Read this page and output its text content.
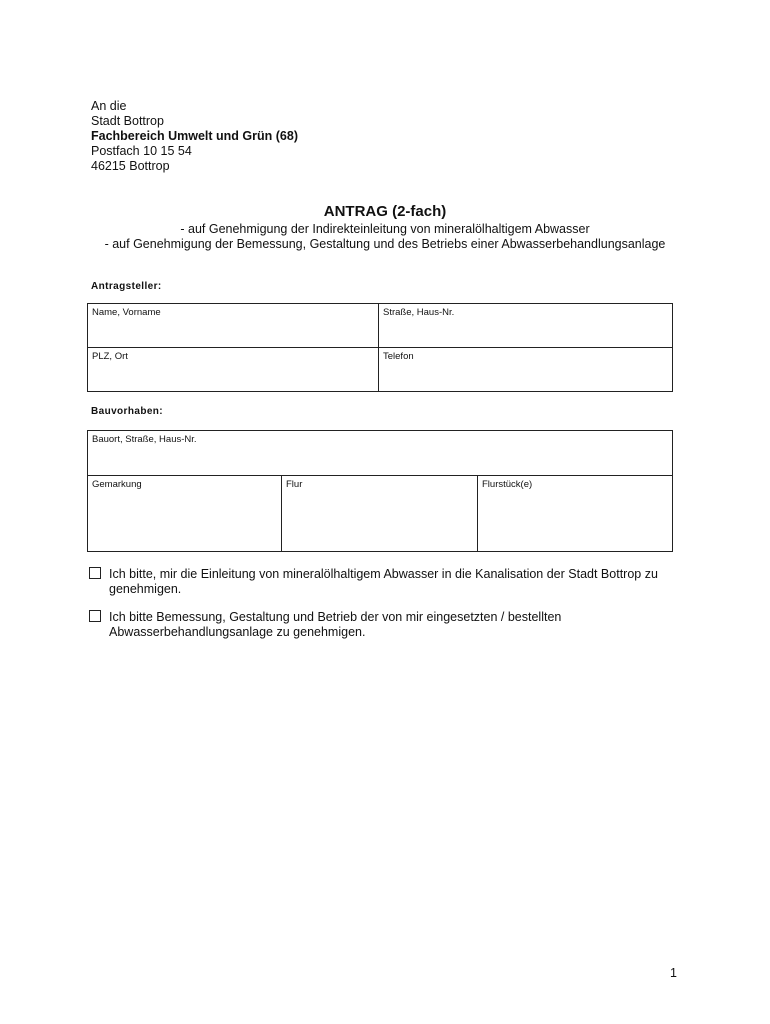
An die
Stadt Bottrop
Fachbereich Umwelt und Grün (68)
Postfach 10 15 54
46215 Bottrop
ANTRAG (2-fach)
- auf Genehmigung der Indirekteinleitung von mineralölhaltigem Abwasser
- auf Genehmigung der Bemessung, Gestaltung und des Betriebs einer Abwasserbehandlungsanlage
Antragsteller:
Name, Vorname	Straße, Haus-Nr.
PLZ, Ort	Telefon
Bauvorhaben:
Bauort, Straße, Haus-Nr.
Gemarkung	Flur	Flurstück(e)
Ich bitte, mir die Einleitung von mineralölhaltigem Abwasser in die Kanalisation der Stadt Bottrop zu genehmigen.
Ich bitte Bemessung, Gestaltung und Betrieb der von mir eingesetzten / bestellten Abwasserbehandlungsanlage zu genehmigen.
1
